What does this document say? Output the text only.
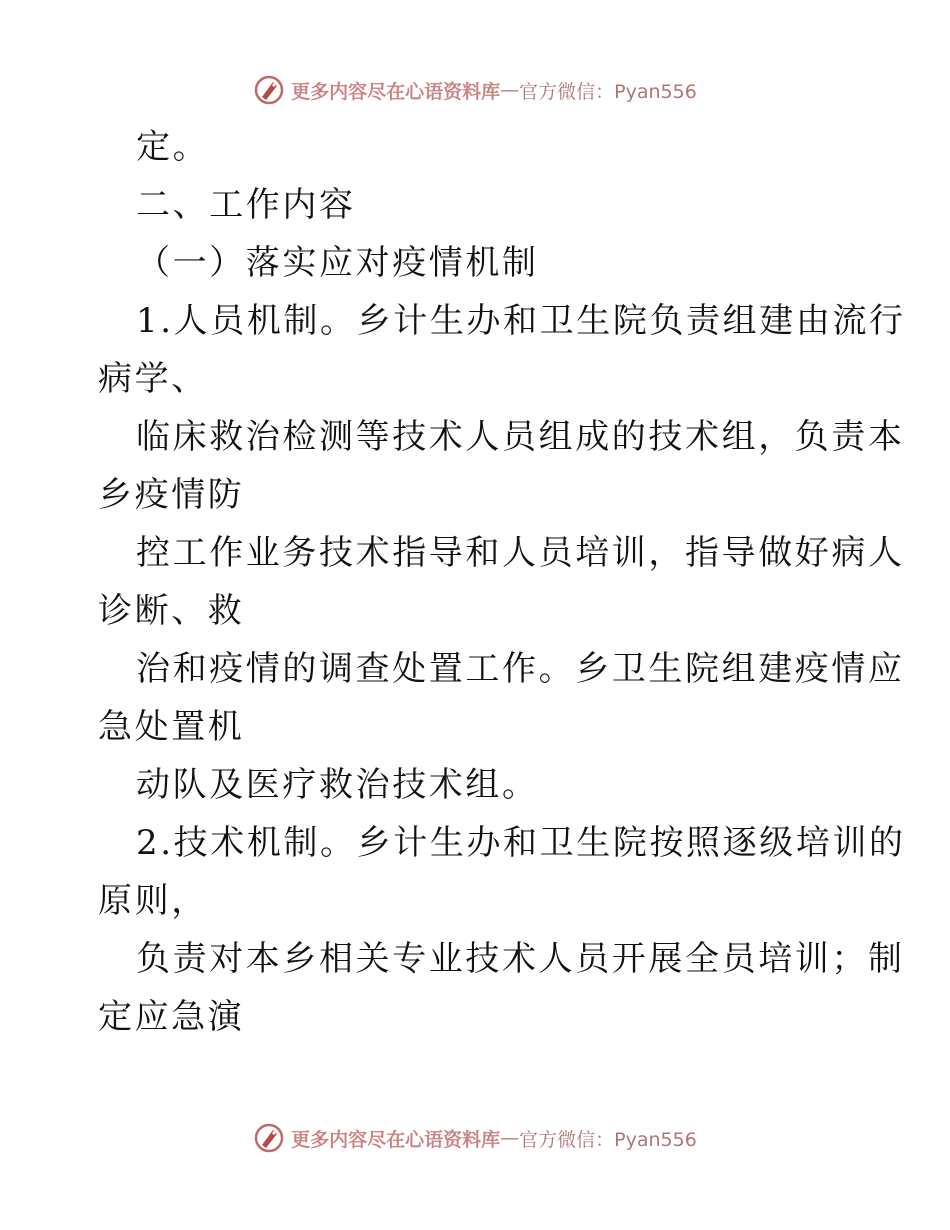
更多内容尽在心语资料库 — 官方微信：Pyan556
定。
二、工作内容
（一）落实应对疫情机制
1.人员机制。乡计生办和卫生院负责组建由流行
病学、
临床救治检测等技术人员组成的技术组，负责本
乡疫情防
控工作业务技术指导和人员培训，指导做好病人
诊断、救
治和疫情的调查处置工作。乡卫生院组建疫情应
急处置机
动队及医疗救治技术组。
2.技术机制。乡计生办和卫生院按照逐级培训的
原则，
负责对本乡相关专业技术人员开展全员培训；制
定应急演
更多内容尽在心语资料库 — 官方微信：Pyan556
